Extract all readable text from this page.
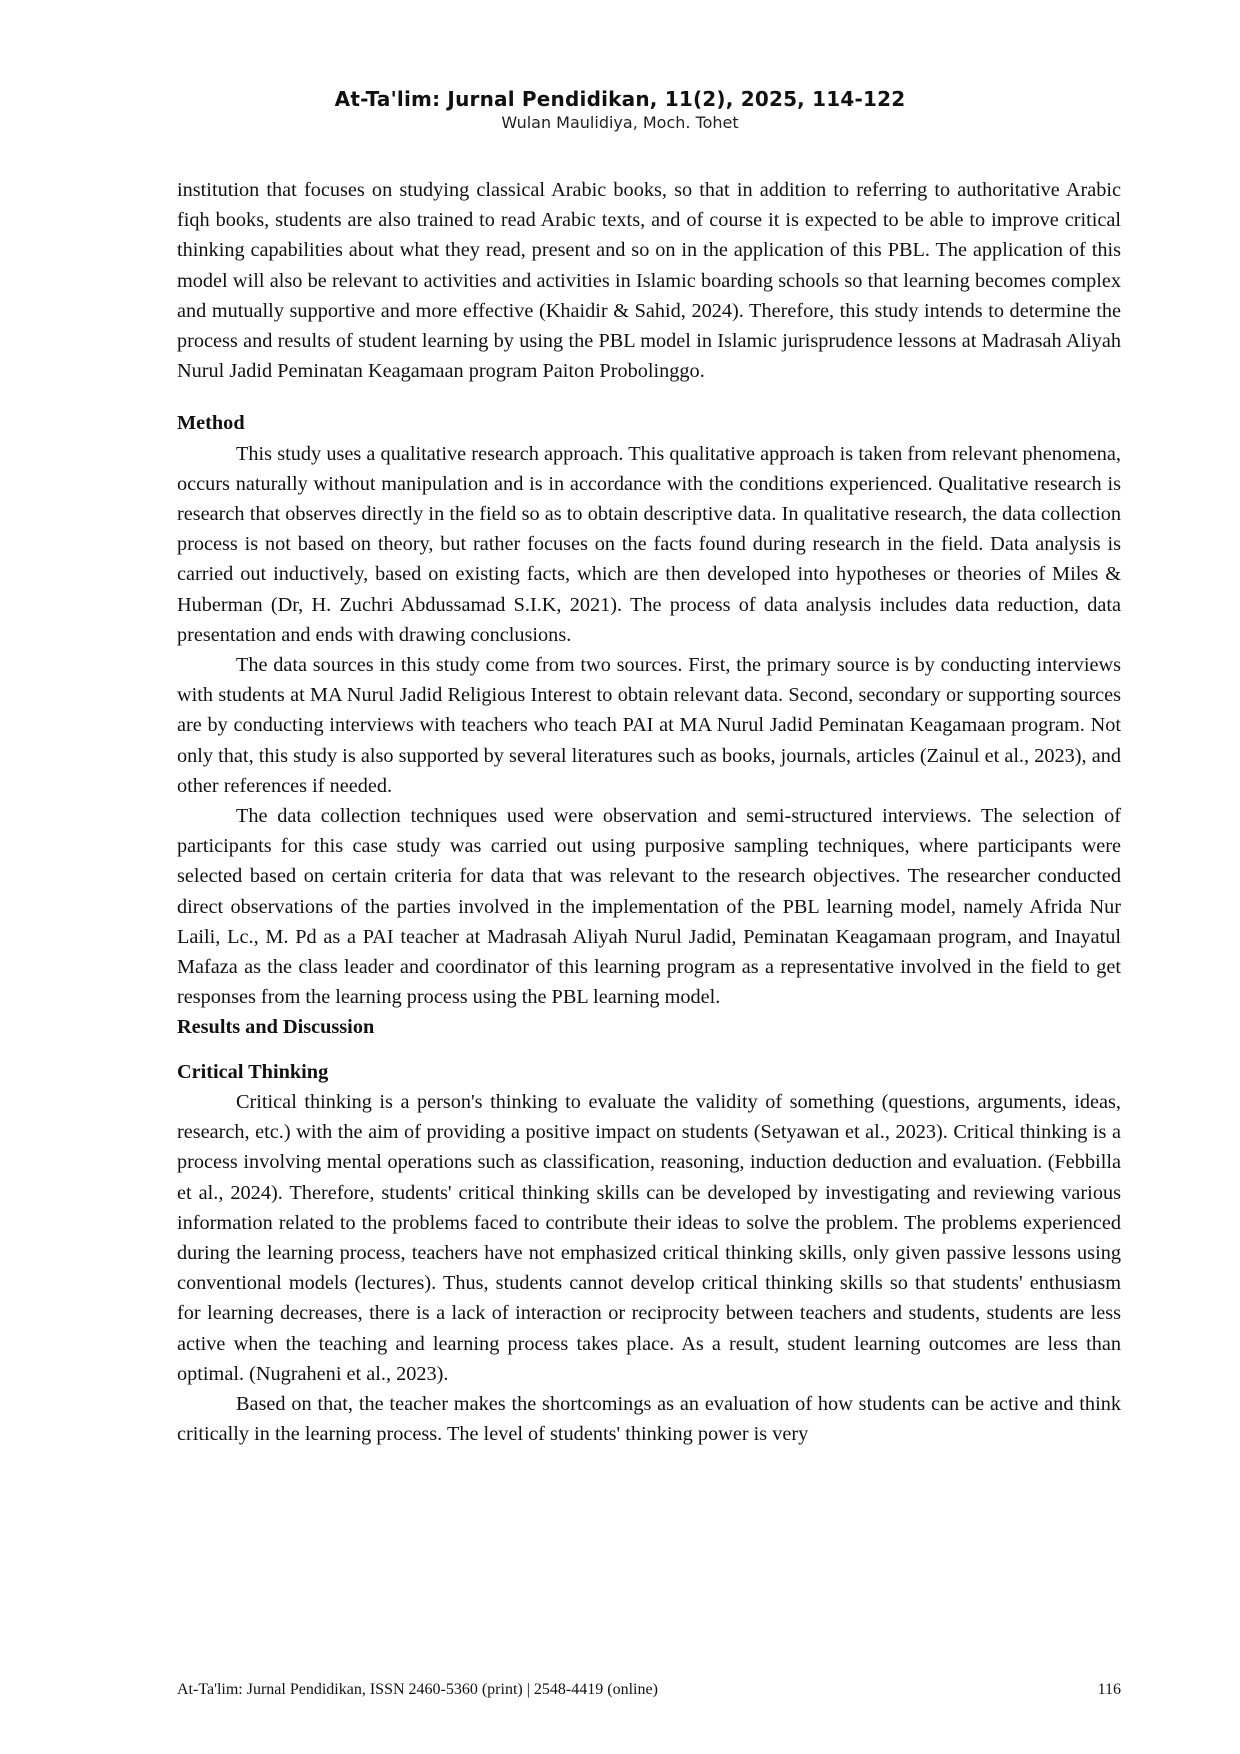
At-Ta'lim: Jurnal Pendidikan, 11(2), 2025, 114-122
Wulan Maulidiya, Moch. Tohet

institution that focuses on studying classical Arabic books, so that in addition to referring to authoritative Arabic fiqh books, students are also trained to read Arabic texts, and of course it is expected to be able to improve critical thinking capabilities about what they read, present and so on in the application of this PBL. The application of this model will also be relevant to activities and activities in Islamic boarding schools so that learning becomes complex and mutually supportive and more effective (Khaidir & Sahid, 2024). Therefore, this study intends to determine the process and results of student learning by using the PBL model in Islamic jurisprudence lessons at Madrasah Aliyah Nurul Jadid Peminatan Keagamaan program Paiton Probolinggo.

Method

This study uses a qualitative research approach. This qualitative approach is taken from relevant phenomena, occurs naturally without manipulation and is in accordance with the conditions experienced. Qualitative research is research that observes directly in the field so as to obtain descriptive data. In qualitative research, the data collection process is not based on theory, but rather focuses on the facts found during research in the field. Data analysis is carried out inductively, based on existing facts, which are then developed into hypotheses or theories of Miles & Huberman (Dr, H. Zuchri Abdussamad S.I.K, 2021). The process of data analysis includes data reduction, data presentation and ends with drawing conclusions.

The data sources in this study come from two sources. First, the primary source is by conducting interviews with students at MA Nurul Jadid Religious Interest to obtain relevant data. Second, secondary or supporting sources are by conducting interviews with teachers who teach PAI at MA Nurul Jadid Peminatan Keagamaan program. Not only that, this study is also supported by several literatures such as books, journals, articles (Zainul et al., 2023), and other references if needed.

The data collection techniques used were observation and semi-structured interviews. The selection of participants for this case study was carried out using purposive sampling techniques, where participants were selected based on certain criteria for data that was relevant to the research objectives. The researcher conducted direct observations of the parties involved in the implementation of the PBL learning model, namely Afrida Nur Laili, Lc., M. Pd as a PAI teacher at Madrasah Aliyah Nurul Jadid, Peminatan Keagamaan program, and Inayatul Mafaza as the class leader and coordinator of this learning program as a representative involved in the field to get responses from the learning process using the PBL learning model.

Results and Discussion

Critical Thinking

Critical thinking is a person's thinking to evaluate the validity of something (questions, arguments, ideas, research, etc.) with the aim of providing a positive impact on students (Setyawan et al., 2023). Critical thinking is a process involving mental operations such as classification, reasoning, induction deduction and evaluation. (Febbilla et al., 2024). Therefore, students' critical thinking skills can be developed by investigating and reviewing various information related to the problems faced to contribute their ideas to solve the problem. The problems experienced during the learning process, teachers have not emphasized critical thinking skills, only given passive lessons using conventional models (lectures). Thus, students cannot develop critical thinking skills so that students' enthusiasm for learning decreases, there is a lack of interaction or reciprocity between teachers and students, students are less active when the teaching and learning process takes place. As a result, student learning outcomes are less than optimal. (Nugraheni et al., 2023).

Based on that, the teacher makes the shortcomings as an evaluation of how students can be active and think critically in the learning process. The level of students' thinking power is very

At-Ta'lim: Jurnal Pendidikan, ISSN 2460-5360 (print) | 2548-4419 (online)	116
